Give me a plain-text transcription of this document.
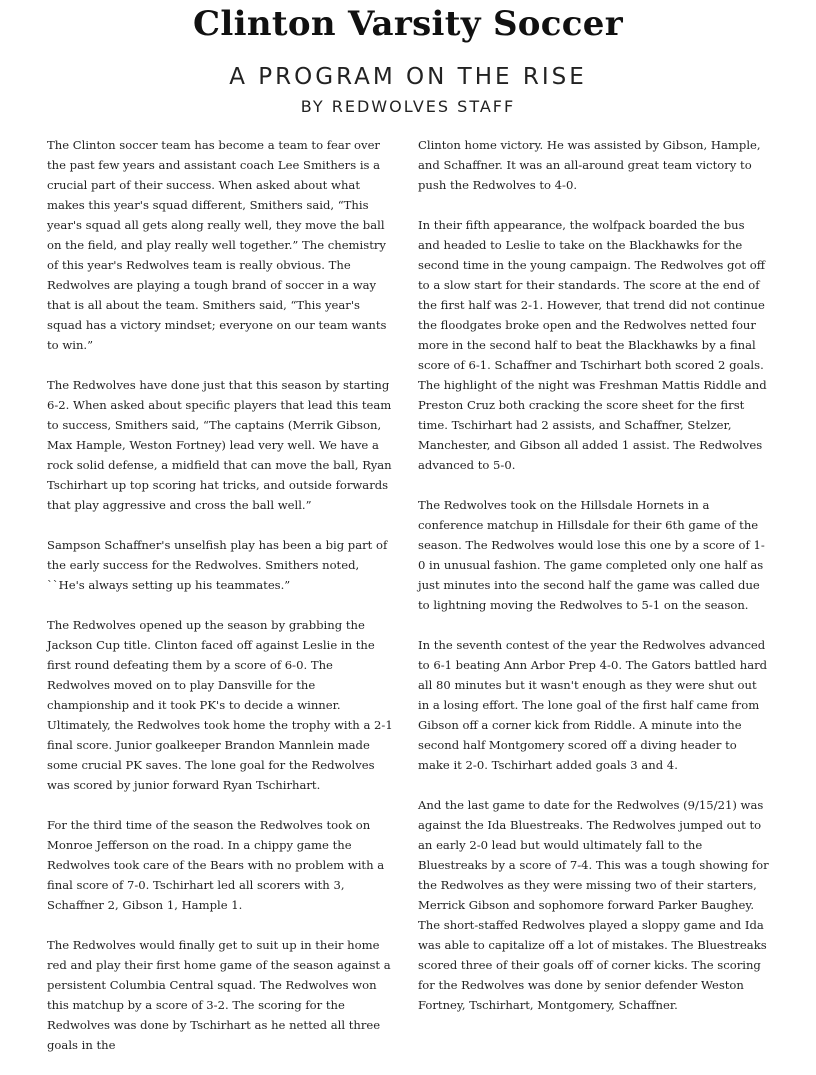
Clinton Varsity Soccer
A PROGRAM ON THE RISE
BY REDWOLVES STAFF

The Clinton soccer team has become a team to fear over the past few years and assistant coach Lee Smithers is a crucial part of their success. When asked about what makes this year's squad different, Smithers said, “This year's squad all gets along really well, they move the ball on the field, and play really well together.” The chemistry of this year's Redwolves team is really obvious. The Redwolves are playing a tough brand of soccer in a way that is all about the team. Smithers said, “This year's squad has a victory mindset; everyone on our team wants to win.”

The Redwolves have done just that this season by starting 6-2. When asked about specific players that lead this team to success, Smithers said, “The captains (Merrik Gibson, Max Hample, Weston Fortney) lead very well. We have a rock solid defense, a midfield that can move the ball, Ryan Tschirhart up top scoring hat tricks, and outside forwards that play aggressive and cross the ball well.”

Sampson Schaffner's unselfish play has been a big part of the early success for the Redwolves. Smithers noted, ``He's always setting up his teammates.”

The Redwolves opened up the season by grabbing the Jackson Cup title. Clinton faced off against Leslie in the first round defeating them by a score of 6-0. The Redwolves moved on to play Dansville for the championship and it took PK's to decide a winner. Ultimately, the Redwolves took home the trophy with a 2-1 final score. Junior goalkeeper Brandon Mannlein made some crucial PK saves. The lone goal for the Redwolves was scored by junior forward Ryan Tschirhart.

For the third time of the season the Redwolves took on Monroe Jefferson on the road. In a chippy game the Redwolves took care of the Bears with no problem with a final score of 7-0. Tschirhart led all scorers with 3, Schaffner 2, Gibson 1, Hample 1.

The Redwolves would finally get to suit up in their home red and play their first home game of the season against a persistent Columbia Central squad. The Redwolves won this matchup by a score of 3-2. The scoring for the Redwolves was done by Tschirhart as he netted all three goals in the

Clinton home victory. He was assisted by Gibson, Hample, and Schaffner. It was an all-around great team victory to push the Redwolves to 4-0.

In their fifth appearance, the wolfpack boarded the bus and headed to Leslie to take on the Blackhawks for the second time in the young campaign. The Redwolves got off to a slow start for their standards. The score at the end of the first half was 2-1. However, that trend did not continue the floodgates broke open and the Redwolves netted four more in the second half to beat the Blackhawks by a final score of 6-1. Schaffner and Tschirhart both scored 2 goals. The highlight of the night was Freshman Mattis Riddle and Preston Cruz both cracking the score sheet for the first time. Tschirhart had 2 assists, and Schaffner, Stelzer, Manchester, and Gibson all added 1 assist. The Redwolves advanced to 5-0.

The Redwolves took on the Hillsdale Hornets in a conference matchup in Hillsdale for their 6th game of the season. The Redwolves would lose this one by a score of 1-0 in unusual fashion. The game completed only one half as just minutes into the second half the game was called due to lightning moving the Redwolves to 5-1 on the season.

In the seventh contest of the year the Redwolves advanced to 6-1 beating Ann Arbor Prep 4-0. The Gators battled hard all 80 minutes but it wasn't enough as they were shut out in a losing effort. The lone goal of the first half came from Gibson off a corner kick from Riddle. A minute into the second half Montgomery scored off a diving header to make it 2-0. Tschirhart added goals 3 and 4.

And the last game to date for the Redwolves (9/15/21) was against the Ida Bluestreaks. The Redwolves jumped out to an early 2-0 lead but would ultimately fall to the Bluestreaks by a score of 7-4. This was a tough showing for the Redwolves as they were missing two of their starters, Merrick Gibson and sophomore forward Parker Baughey. The short-staffed Redwolves played a sloppy game and Ida was able to capitalize off a lot of mistakes. The Bluestreaks scored three of their goals off of corner kicks. The scoring for the Redwolves was done by senior defender Weston Fortney, Tschirhart, Montgomery, Schaffner.
